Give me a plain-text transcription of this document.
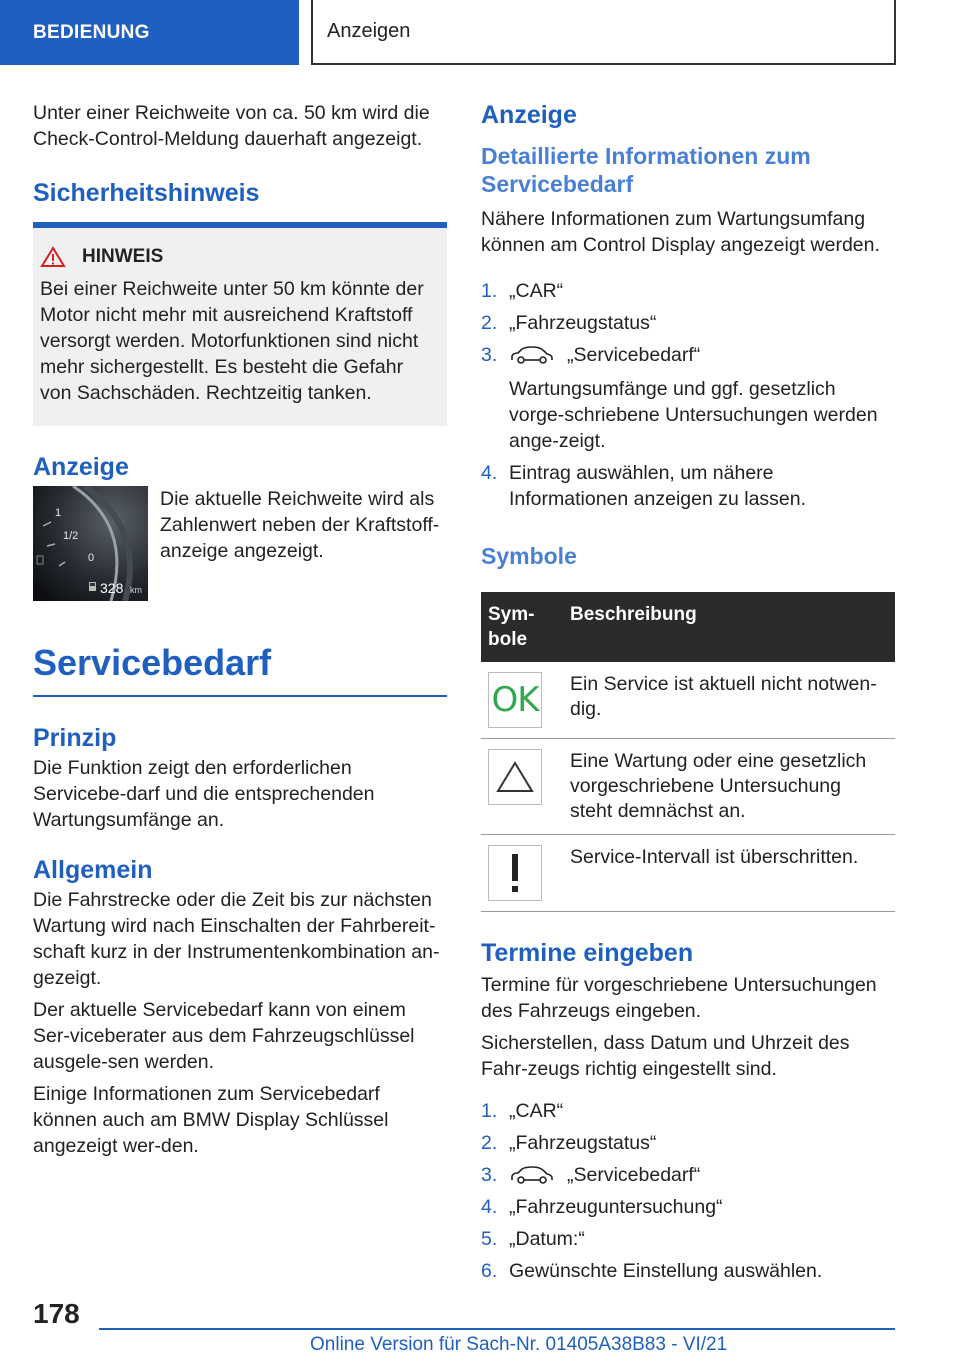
BEDIENUNG	Anzeigen

Unter einer Reichweite von ca. 50 km wird die Check-Control-Meldung dauerhaft angezeigt.

Sicherheitshinweis
HINWEIS

Bei einer Reichweite unter 50 km könnte der Motor nicht mehr mit ausreichend Kraftstoff versorgt werden. Motorfunktionen sind nicht mehr sichergestellt. Es besteht die Gefahr von Sachschäden. Rechtzeitig tanken.

Anzeige
1
1/2
0
328 km

Die aktuelle Reichweite wird als Zahlenwert neben der Kraftstoff-anzeige angezeigt.

Servicebedarf
Prinzip

Die Funktion zeigt den erforderlichen Servicebe-darf und die entsprechenden Wartungsumfänge an.

Allgemein

Die Fahrstrecke oder die Zeit bis zur nächsten Wartung wird nach Einschalten der Fahrbereit-schaft kurz in der Instrumentenkombination an-gezeigt.

Der aktuelle Servicebedarf kann von einem Ser-viceberater aus dem Fahrzeugschlüssel ausgele-sen werden.

Einige Informationen zum Servicebedarf können auch am BMW Display Schlüssel angezeigt wer-den.

Anzeige
Detaillierte Informationen zum Servicebedarf

Nähere Informationen zum Wartungsumfang können am Control Display angezeigt werden.

1. „CAR“
2. „Fahrzeugstatus“
3.	„Servicebedarf“
Wartungsumfänge und ggf. gesetzlich vorge-schriebene Untersuchungen werden ange-zeigt.
4. Eintrag auswählen, um nähere Informationen anzeigen zu lassen.
Symbole
Sym-bole	Beschreibung

OK	Ein Service ist aktuell nicht notwen-dig.

	Eine Wartung oder eine gesetzlich vorgeschriebene Untersuchung steht demnächst an.

	Service-Intervall ist überschritten.
Termine eingeben

Termine für vorgeschriebene Untersuchungen des Fahrzeugs eingeben.

Sicherstellen, dass Datum und Uhrzeit des Fahr-zeugs richtig eingestellt sind.

1. „CAR“
2. „Fahrzeugstatus“
3.	„Servicebedarf“
4. „Fahrzeuguntersuchung“
5. „Datum:“
6. Gewünschte Einstellung auswählen.
178
Online Version für Sach-Nr. 01405A38B83 - VI/21
